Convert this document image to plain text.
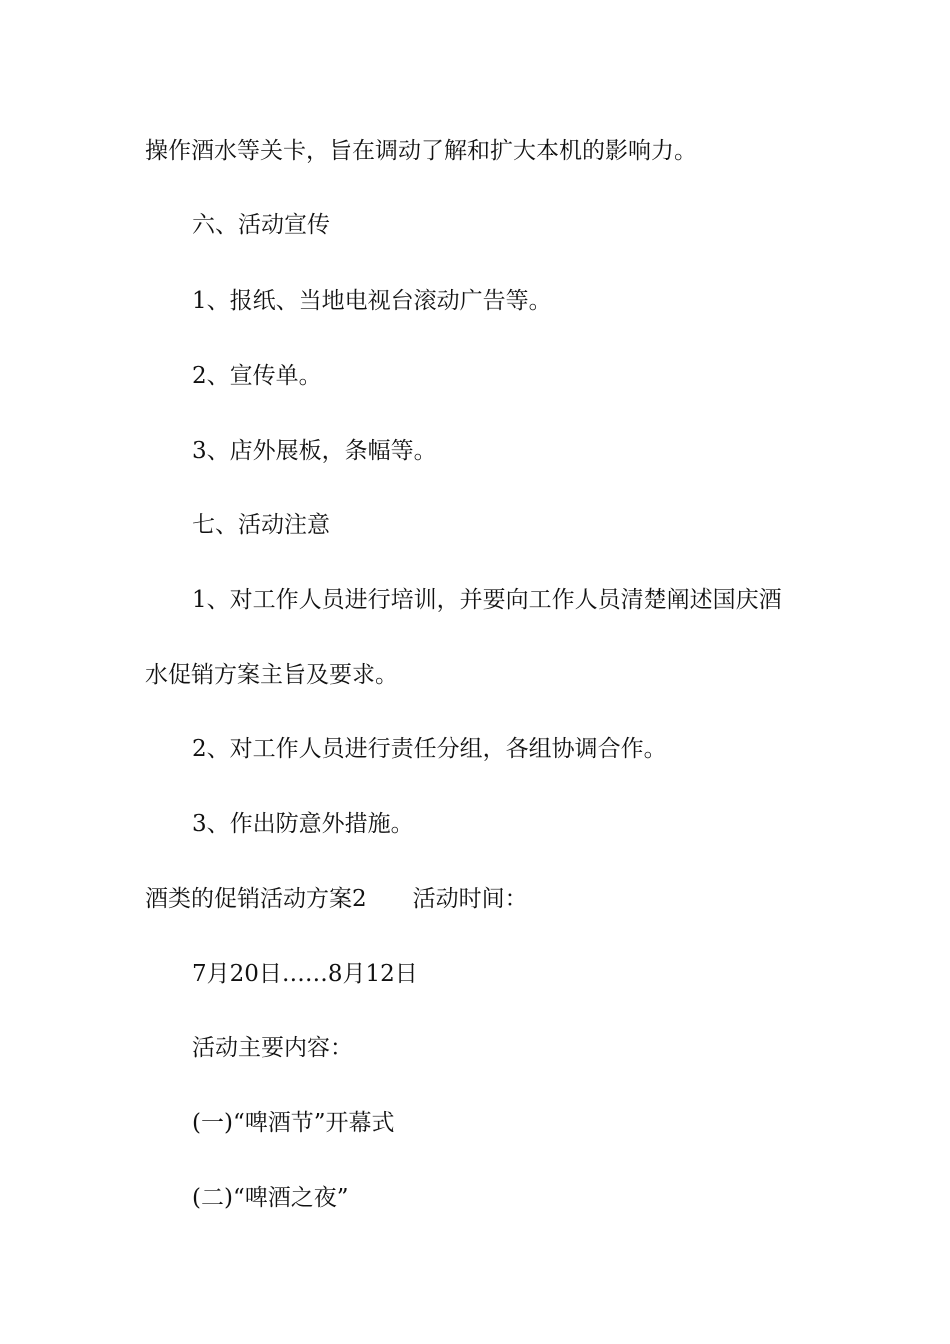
操作酒水等关卡，旨在调动了解和扩大本机的影响力。
六、活动宣传
1、报纸、当地电视台滚动广告等。
2、宣传单。
3、店外展板，条幅等。
七、活动注意
1、对工作人员进行培训，并要向工作人员清楚阐述国庆酒
水促销方案主旨及要求。
2、对工作人员进行责任分组，各组协调合作。
3、作出防意外措施。
酒类的促销活动方案2 活动时间：
7月20日……8月12日
活动主要内容：
(一)“啤酒节”开幕式
(二)“啤酒之夜”
